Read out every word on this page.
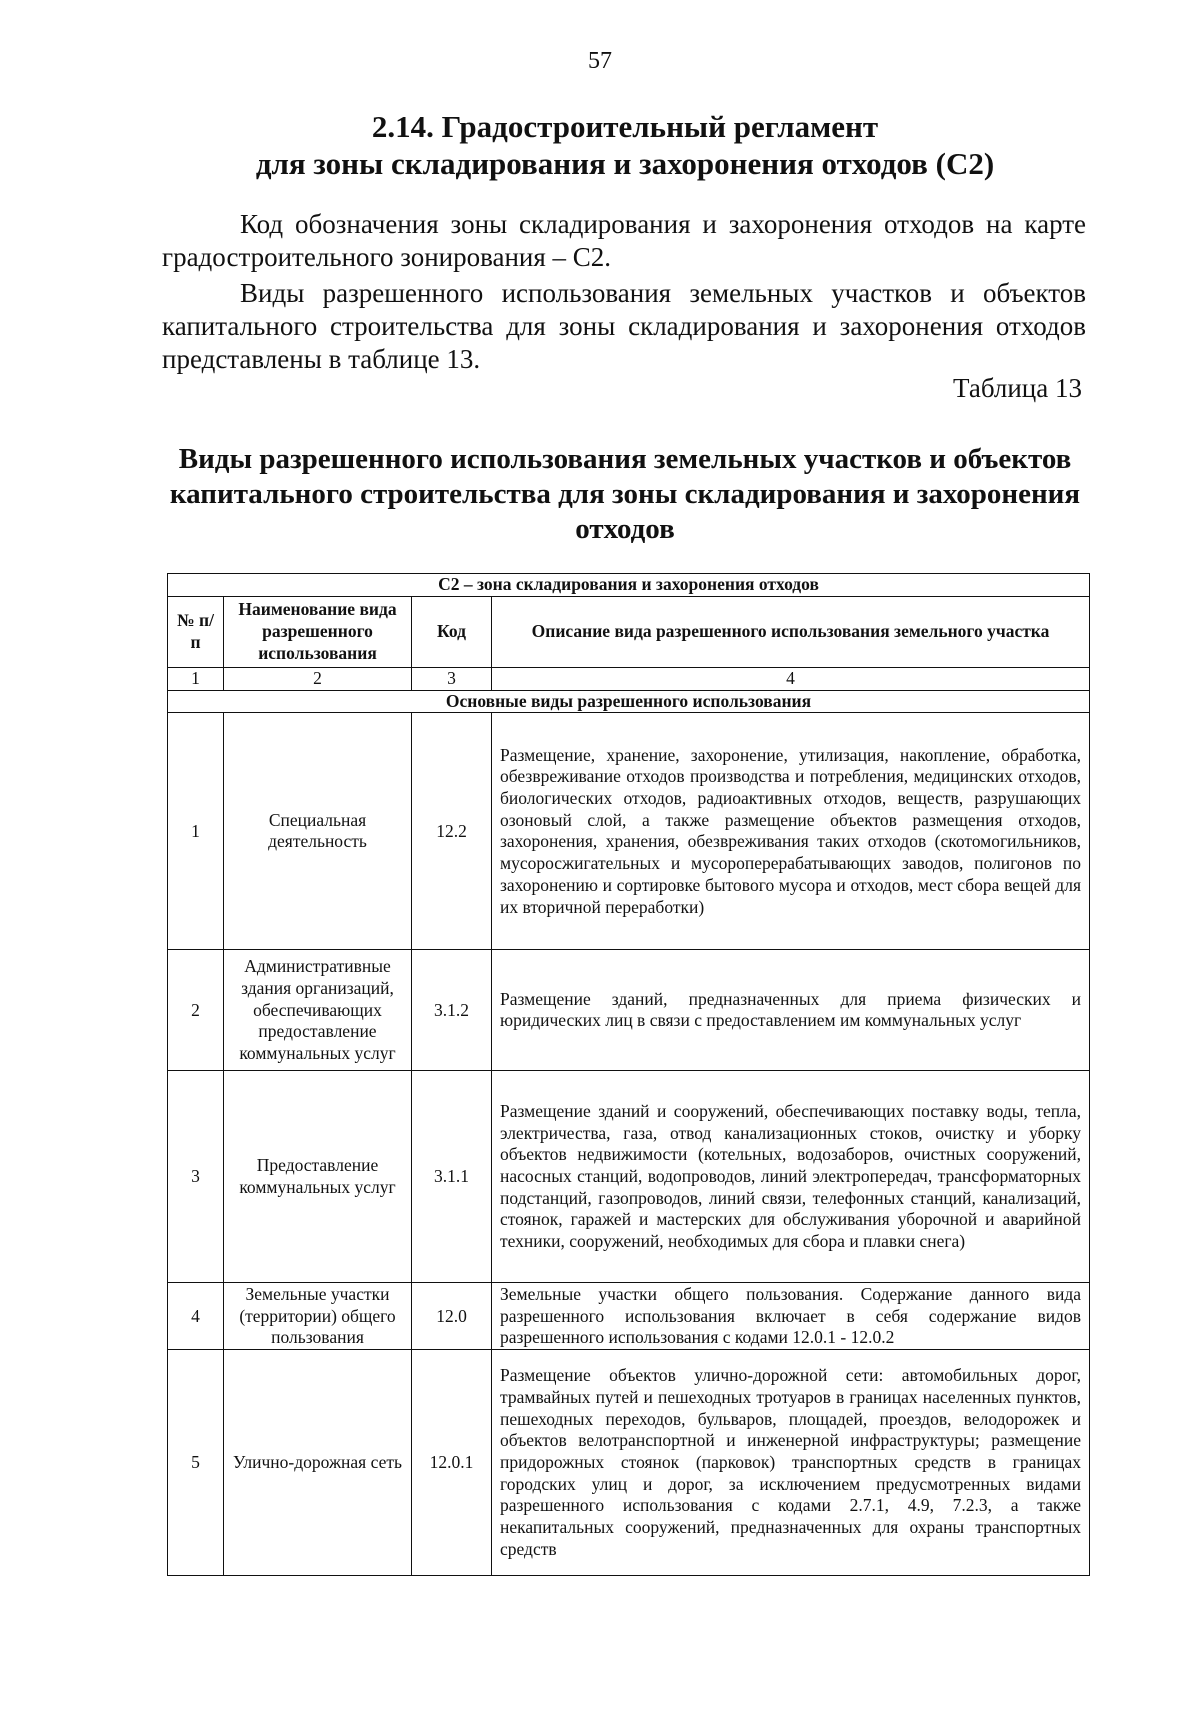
57
2.14. Градостроительный регламент
для зоны складирования и захоронения отходов (С2)

Код обозначения зоны складирования и захоронения отходов на карте градостроительного зонирования – С2.

Виды разрешенного использования земельных участков и объектов капитального строительства для зоны складирования и захоронения отходов представлены в таблице 13.

Таблица 13
Виды разрешенного использования земельных участков и объектов
капитального строительства для зоны складирования и захоронения
отходов
С2 – зона складирования и захоронения отходов			
№ п/п	Наименование вида разрешенного использования	Код	Описание вида разрешенного использования земельного участка
1	2	3	4
Основные виды разрешенного использования			
1	Специальная деятельность	12.2	Размещение, хранение, захоронение, утилизация, накопление, обработка, обезвреживание отходов производства и потребления, медицинских отходов, биологических отходов, радиоактивных отходов, веществ, разрушающих озоновый слой, а также размещение объектов размещения отходов, захоронения, хранения, обезвреживания таких отходов (скотомогильников, мусоросжигательных и мусороперерабатывающих заводов, полигонов по захоронению и сортировке бытового мусора и отходов, мест сбора вещей для их вторичной переработки)
2	Административные здания организаций, обеспечивающих предоставление коммунальных услуг	3.1.2	Размещение зданий, предназначенных для приема физических и юридических лиц в связи с предоставлением им коммунальных услуг
3	Предоставление коммунальных услуг	3.1.1	Размещение зданий и сооружений, обеспечивающих поставку воды, тепла, электричества, газа, отвод канализационных стоков, очистку и уборку объектов недвижимости (котельных, водозаборов, очистных сооружений, насосных станций, водопроводов, линий электропередач, трансформаторных подстанций, газопроводов, линий связи, телефонных станций, канализаций, стоянок, гаражей и мастерских для обслуживания уборочной и аварийной техники, сооружений, необходимых для сбора и плавки снега)
4	Земельные участки (территории) общего пользования	12.0	Земельные участки общего пользования. Содержание данного вида разрешенного использования включает в себя содержание видов разрешенного использования с кодами 12.0.1 - 12.0.2
5	Улично-дорожная сеть	12.0.1	Размещение объектов улично-дорожной сети: автомобильных дорог, трамвайных путей и пешеходных тротуаров в границах населенных пунктов, пешеходных переходов, бульваров, площадей, проездов, велодорожек и объектов велотранспортной и инженерной инфраструктуры; размещение придорожных стоянок (парковок) транспортных средств в границах городских улиц и дорог, за исключением предусмотренных видами разрешенного использования с кодами 2.7.1, 4.9, 7.2.3, а также некапитальных сооружений, предназначенных для охраны транспортных средств
